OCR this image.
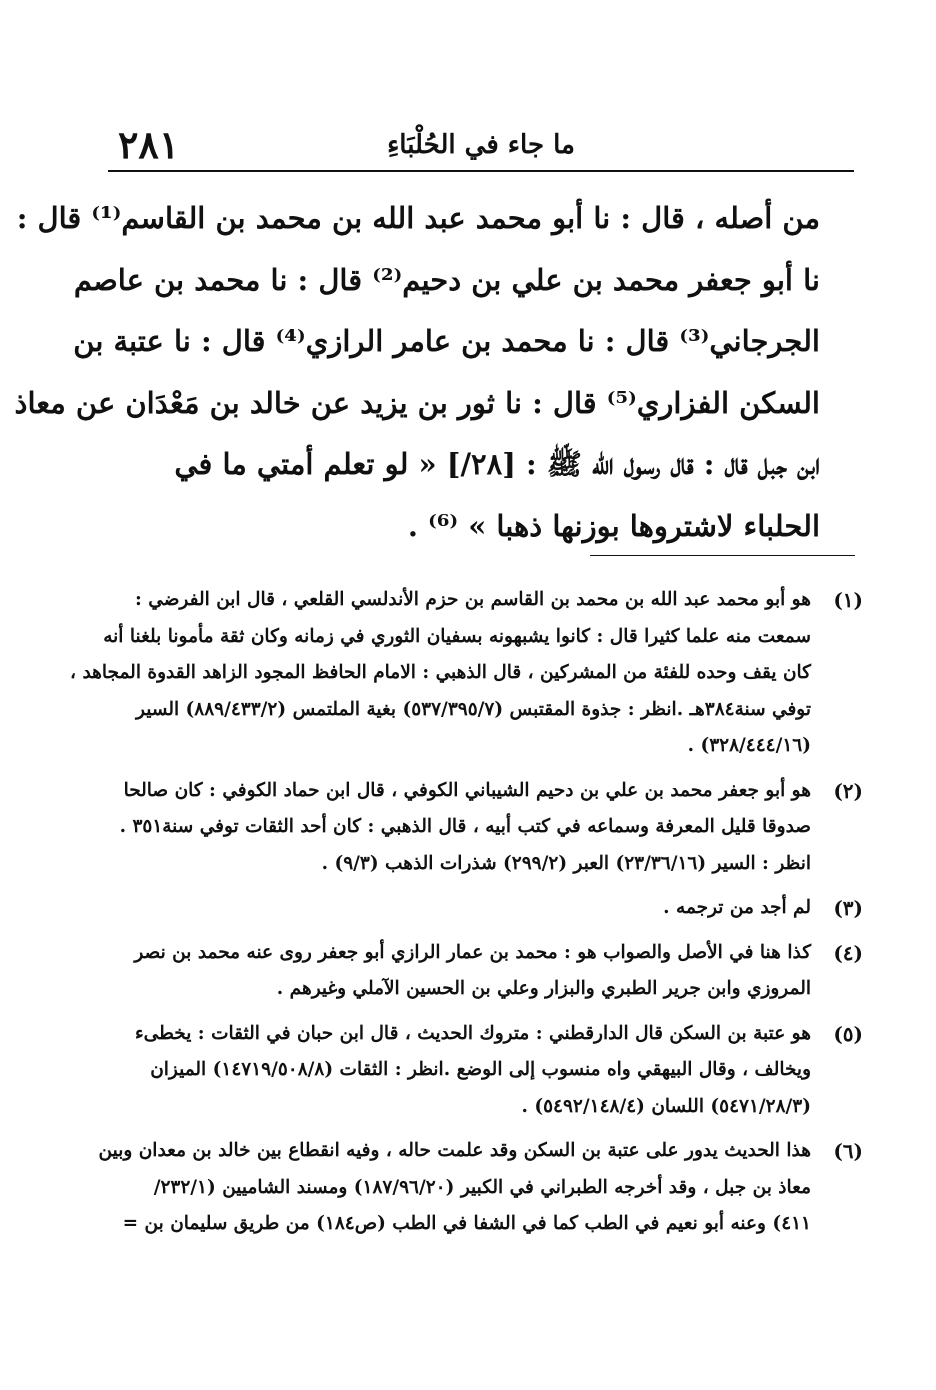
٢٨١	ما جاء في الحُلْبَاءِ
من أصله ، قال : نا أبو محمد عبد الله بن محمد بن القاسم⁽¹⁾ قال :
نا أبو جعفر محمد بن علي بن دحيم⁽²⁾ قال : نا محمد بن عاصم
الجرجاني⁽³⁾ قال : نا محمد بن عامر الرازي⁽⁴⁾ قال : نا عتبة بن
السكن الفزاري⁽⁵⁾ قال : نا ثور بن يزيد عن خالد بن مَعْدَان عن معاذ
ابن جبل قال : قال رسول الله ﷺ : [٢٨/] « لو تعلم أمتي ما في
الحلباء لاشتروها بوزنها ذهبا » ⁽⁶⁾ .
(١)
هو أبو محمد عبد الله بن محمد بن القاسم بن حزم الأندلسي القلعي ، قال ابن الفرضي :
سمعت منه علما كثيرا قال : كانوا يشبهونه بسفيان الثوري في زمانه وكان ثقة مأمونا بلغنا أنه
كان يقف وحده للفئة من المشركين ، قال الذهبي : الامام الحافظ المجود الزاهد القدوة المجاهد ،
توفي سنة٣٨٤هـ .انظر : جذوة المقتبس (٥٣٧/٣٩٥/٧) بغية الملتمس (٨٨٩/٤٣٣/٢) السير
(٣٢٨/٤٤٤/١٦) .
(٢)
هو أبو جعفر محمد بن علي بن دحيم الشيباني الكوفي ، قال ابن حماد الكوفي : كان صالحا
صدوقا قليل المعرفة وسماعه في كتب أبيه ، قال الذهبي : كان أحد الثقات توفي سنة٣٥١ .
انظر : السير (٢٣/٣٦/١٦) العبر (٢٩٩/٢) شذرات الذهب (٩/٣) .
(٣)
لم أجد من ترجمه .
(٤)
كذا هنا في الأصل والصواب هو : محمد بن عمار الرازي أبو جعفر روى عنه محمد بن نصر
المروزي وابن جرير الطبري والبزار وعلي بن الحسين الآملي وغيرهم .
(٥)
هو عتبة بن السكن قال الدارقطني : متروك الحديث ، قال ابن حبان في الثقات : يخطىء
ويخالف ، وقال البيهقي واه منسوب إلى الوضع .انظر : الثقات (١٤٧١٩/٥٠٨/٨) الميزان
(٥٤٧١/٢٨/٣) اللسان (٥٤٩٢/١٤٨/٤) .
(٦)
هذا الحديث يدور على عتبة بن السكن وقد علمت حاله ، وفيه انقطاع بين خالد بن معدان وبين
معاذ بن جبل ، وقد أخرجه الطبراني في الكبير (١٨٧/٩٦/٢٠) ومسند الشاميين (٢٣٢/١/
٤١١) وعنه أبو نعيم في الطب كما في الشفا في الطب (ص١٨٤) من طريق سليمان بن =
